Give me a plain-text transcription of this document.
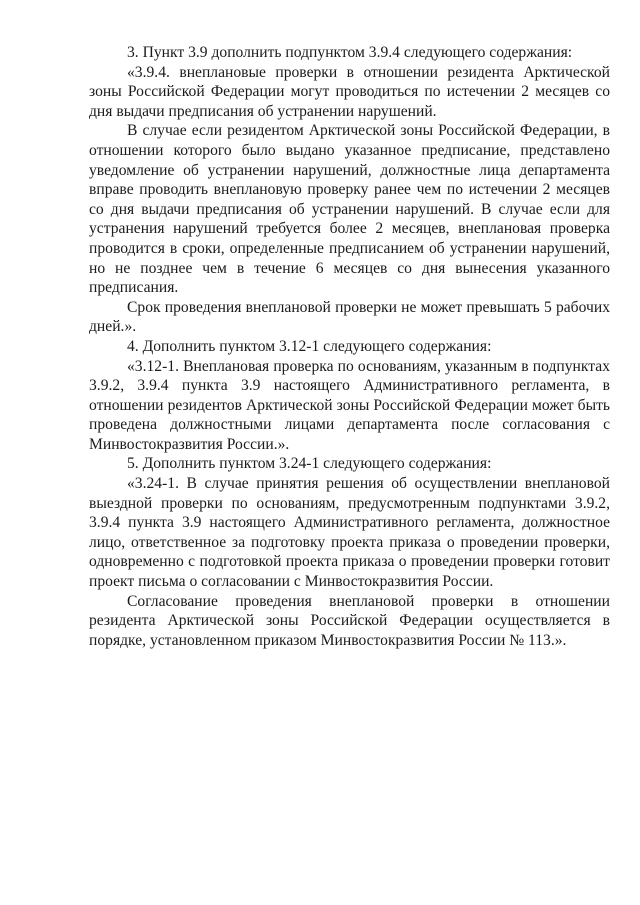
3. Пункт 3.9 дополнить подпунктом 3.9.4 следующего содержания:

«3.9.4. внеплановые проверки в отношении резидента Арктической зоны Российской Федерации могут проводиться по истечении 2 месяцев со дня выдачи предписания об устранении нарушений.

В случае если резидентом Арктической зоны Российской Федерации, в отношении которого было выдано указанное предписание, представлено уведомление об устранении нарушений, должностные лица департамента вправе проводить внеплановую проверку ранее чем по истечении 2 месяцев со дня выдачи предписания об устранении нарушений. В случае если для устранения нарушений требуется более 2 месяцев, внеплановая проверка проводится в сроки, определенные предписанием об устранении нарушений, но не позднее чем в течение 6 месяцев со дня вынесения указанного предписания.

Срок проведения внеплановой проверки не может превышать 5 рабочих дней.».

4. Дополнить пунктом 3.12-1 следующего содержания:

«3.12-1. Внеплановая проверка по основаниям, указанным в подпунктах 3.9.2, 3.9.4 пункта 3.9 настоящего Административного регламента, в отношении резидентов Арктической зоны Российской Федерации может быть проведена должностными лицами департамента после согласования с Минвостокразвития России.».

5. Дополнить пунктом 3.24-1 следующего содержания:

«3.24-1. В случае принятия решения об осуществлении внеплановой выездной проверки по основаниям, предусмотренным подпунктами 3.9.2, 3.9.4 пункта 3.9 настоящего Административного регламента, должностное лицо, ответственное за подготовку проекта приказа о проведении проверки, одновременно с подготовкой проекта приказа о проведении проверки готовит проект письма о согласовании с Минвостокразвития России.

Согласование проведения внеплановой проверки в отношении резидента Арктической зоны Российской Федерации осуществляется в порядке, установленном приказом Минвостокразвития России № 113.».
